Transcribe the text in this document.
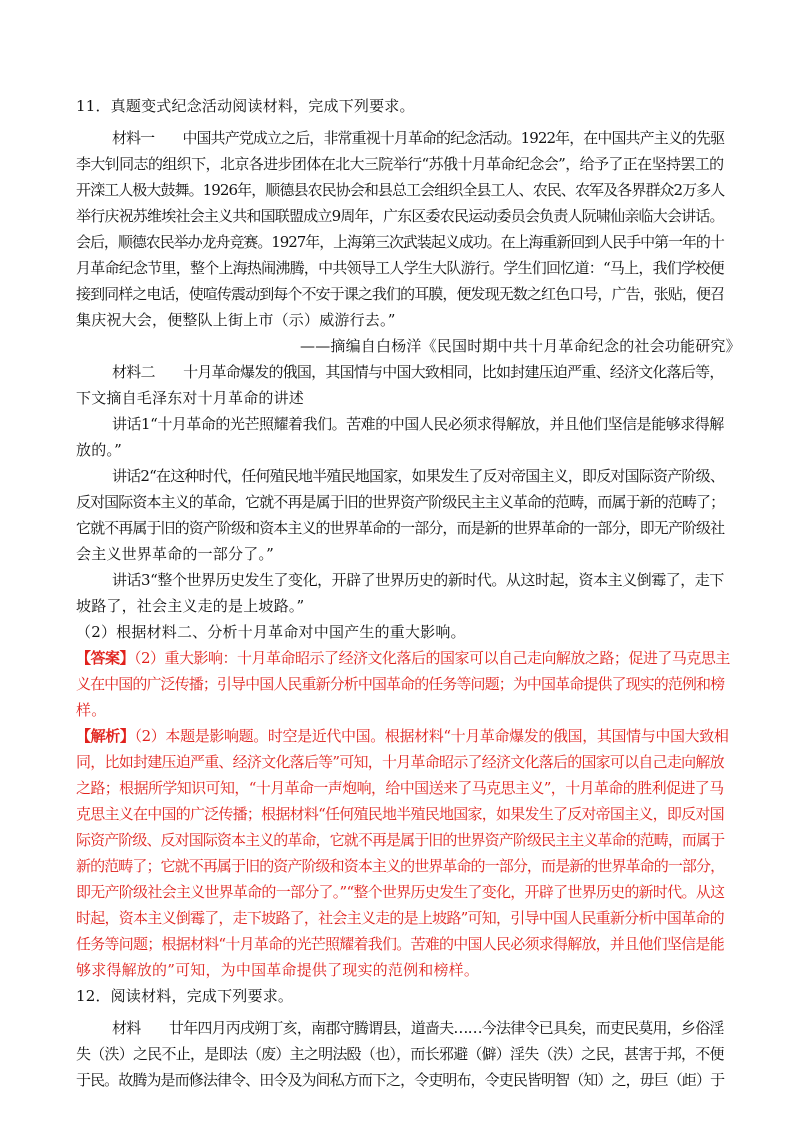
11．真题变式纪念活动阅读材料，完成下列要求。
材料一　　中国共产党成立之后，非常重视十月革命的纪念活动。1922年，在中国共产主义的先驱
李大钊同志的组织下，北京各进步团体在北大三院举行“苏俄十月革命纪念会”，给予了正在坚持罢工的
开滦工人极大鼓舞。1926年，顺德县农民协会和县总工会组织全县工人、农民、农军及各界群众2万多人
举行庆祝苏维埃社会主义共和国联盟成立9周年，广东区委农民运动委员会负责人阮啸仙亲临大会讲话。
会后，顺德农民举办龙舟竞赛。1927年，上海第三次武装起义成功。在上海重新回到人民手中第一年的十
月革命纪念节里，整个上海热闹沸腾，中共领导工人学生大队游行。学生们回忆道：“马上，我们学校便
接到同样之电话，使喧传震动到每个不安于课之我们的耳膜，便发现无数之红色口号，广告，张贴，便召
集庆祝大会，便整队上街上市（示）威游行去。”
——摘编自白杨洋《民国时期中共十月革命纪念的社会功能研究》
材料二　　十月革命爆发的俄国，其国情与中国大致相同，比如封建压迫严重、经济文化落后等，
下文摘自毛泽东对十月革命的讲述
讲话1“十月革命的光芒照耀着我们。苦难的中国人民必须求得解放，并且他们坚信是能够求得解
放的。”
讲话2“在这种时代，任何殖民地半殖民地国家，如果发生了反对帝国主义，即反对国际资产阶级、
反对国际资本主义的革命，它就不再是属于旧的世界资产阶级民主主义革命的范畴，而属于新的范畴了；
它就不再属于旧的资产阶级和资本主义的世界革命的一部分，而是新的世界革命的一部分，即无产阶级社
会主义世界革命的一部分了。”
讲话3“整个世界历史发生了变化，开辟了世界历史的新时代。从这时起，资本主义倒霉了，走下
坡路了，社会主义走的是上坡路。”
（2）根据材料二、分析十月革命对中国产生的重大影响。
【答案】（2）重大影响：十月革命昭示了经济文化落后的国家可以自己走向解放之路；促进了马克思主
义在中国的广泛传播；引导中国人民重新分析中国革命的任务等问题；为中国革命提供了现实的范例和榜
样。
【解析】（2）本题是影响题。时空是近代中国。根据材料“十月革命爆发的俄国，其国情与中国大致相
同，比如封建压迫严重、经济文化落后等”可知，十月革命昭示了经济文化落后的国家可以自己走向解放
之路；根据所学知识可知，“十月革命一声炮响，给中国送来了马克思主义”，十月革命的胜利促进了马
克思主义在中国的广泛传播；根据材料“任何殖民地半殖民地国家，如果发生了反对帝国主义，即反对国
际资产阶级、反对国际资本主义的革命，它就不再是属于旧的世界资产阶级民主主义革命的范畴，而属于
新的范畴了；它就不再属于旧的资产阶级和资本主义的世界革命的一部分，而是新的世界革命的一部分，
即无产阶级社会主义世界革命的一部分了。”“整个世界历史发生了变化，开辟了世界历史的新时代。从这
时起，资本主义倒霉了，走下坡路了，社会主义走的是上坡路”可知，引导中国人民重新分析中国革命的
任务等问题；根据材料“十月革命的光芒照耀着我们。苦难的中国人民必须求得解放，并且他们坚信是能
够求得解放的”可知，为中国革命提供了现实的范例和榜样。
12．阅读材料，完成下列要求。
材料　　廿年四月丙戌朔丁亥，南郡守腾谓县，道啬夫……今法律令已具矣，而吏民莫用，乡俗淫
失（泆）之民不止，是即法（废）主之明法殹（也），而长邪避（僻）淫失（泆）之民，甚害于邦，不便
于民。故腾为是而修法律令、田令及为间私方而下之，令吏明布，令吏民皆明智（知）之，毋巨（歫）于
